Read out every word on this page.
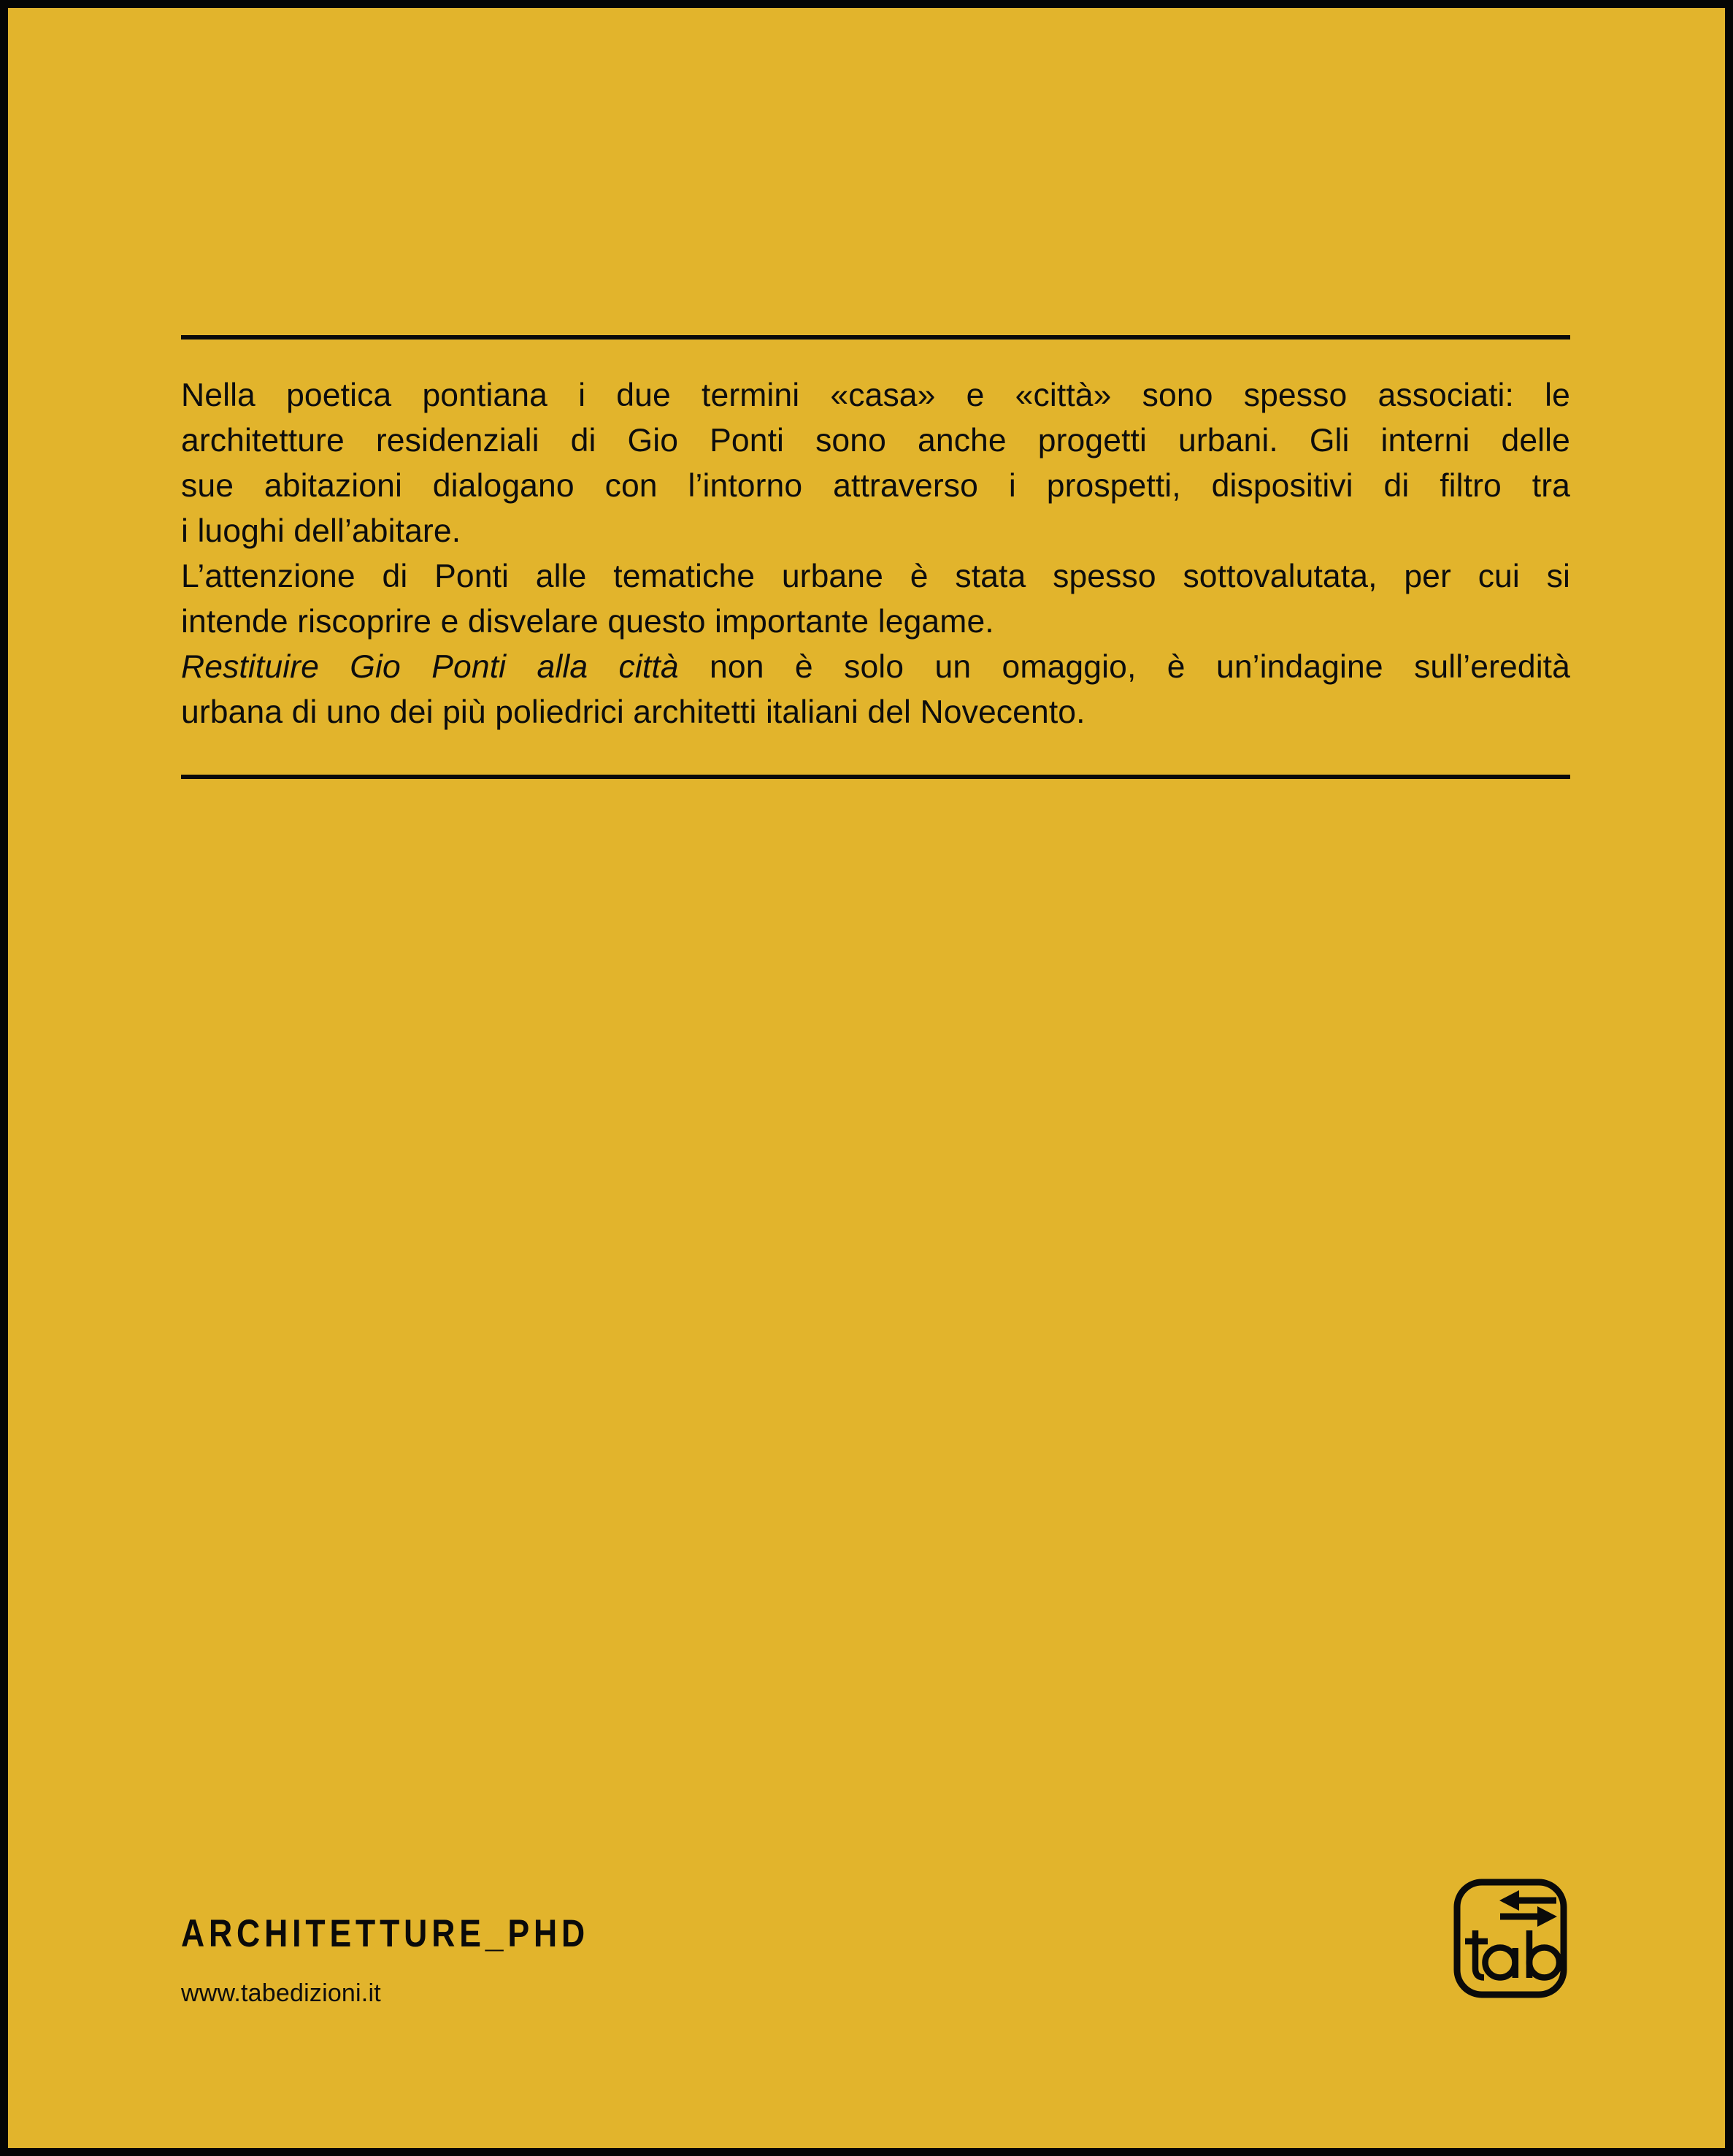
Nella poetica pontiana i due termini «casa» e «città» sono spesso associati: le
architetture residenziali di Gio Ponti sono anche progetti urbani. Gli interni delle
sue abitazioni dialogano con l’intorno attraverso i prospetti, dispositivi di filtro tra
i luoghi dell’abitare.
L’attenzione di Ponti alle tematiche urbane è stata spesso sottovalutata, per cui si
intende riscoprire e disvelare questo importante legame.
Restituire Gio Ponti alla città non è solo un omaggio, è un’indagine sull’eredità
urbana di uno dei più poliedrici architetti italiani del Novecento.
ARCHITETTURE_PHD
www.tabedizioni.it
